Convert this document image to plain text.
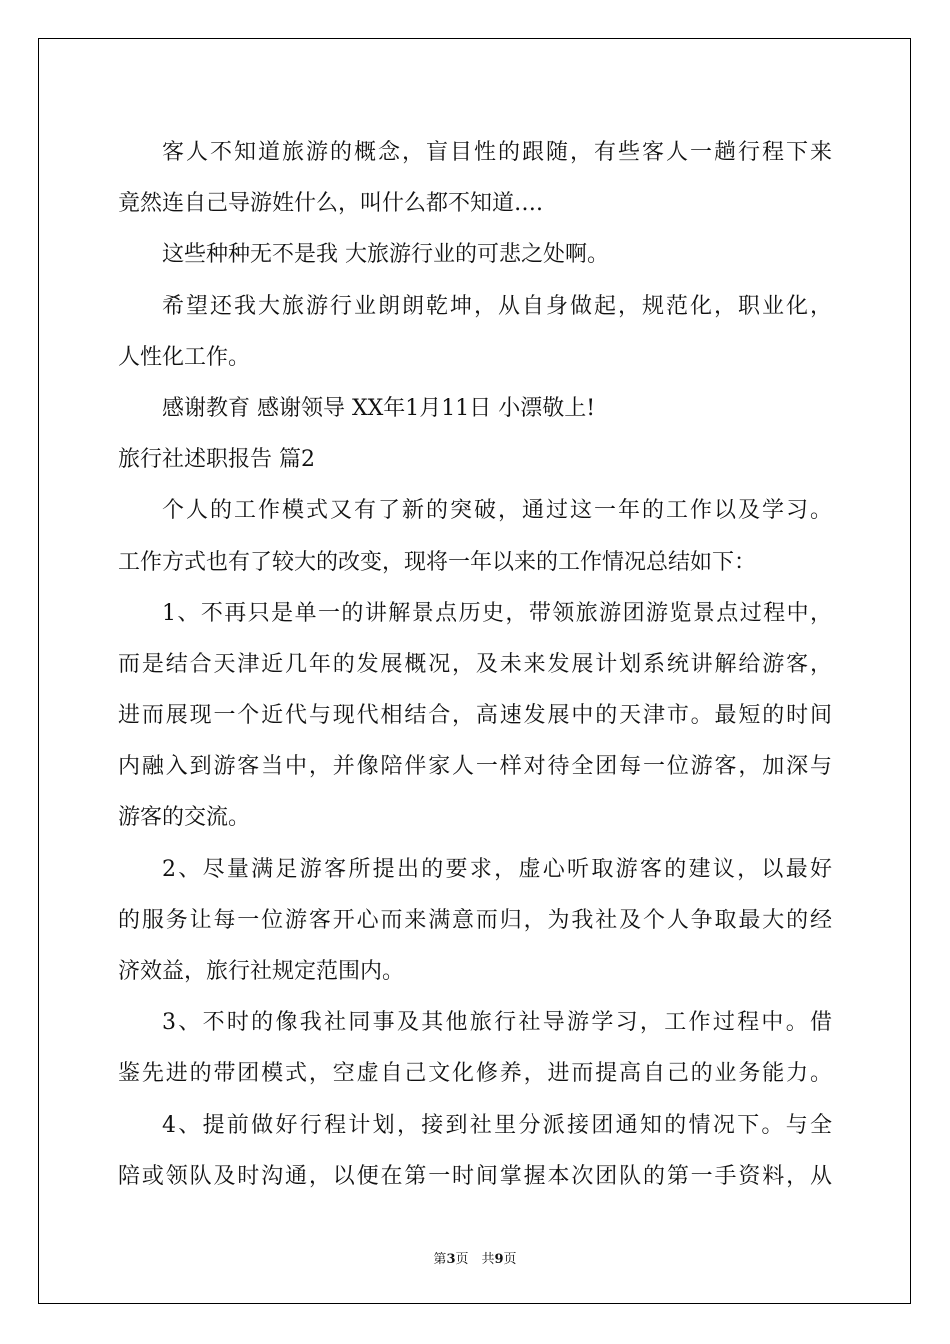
客人不知道旅游的概念，盲目性的跟随，有些客人一趟行程下来
竟然连自己导游姓什么，叫什么都不知道….
这些种种无不是我 大旅游行业的可悲之处啊。
希望还我大旅游行业朗朗乾坤，从自身做起，规范化，职业化，
人性化工作。
感谢教育 感谢领导 XX年1月11日 小漂敬上!
旅行社述职报告 篇2
个人的工作模式又有了新的突破，通过这一年的工作以及学习。
工作方式也有了较大的改变，现将一年以来的工作情况总结如下：
1、不再只是单一的讲解景点历史，带领旅游团游览景点过程中，
而是结合天津近几年的发展概况，及未来发展计划系统讲解给游客，
进而展现一个近代与现代相结合，高速发展中的天津市。最短的时间
内融入到游客当中，并像陪伴家人一样对待全团每一位游客，加深与
游客的交流。
2、尽量满足游客所提出的要求，虚心听取游客的建议，以最好
的服务让每一位游客开心而来满意而归，为我社及个人争取最大的经
济效益，旅行社规定范围内。
3、不时的像我社同事及其他旅行社导游学习，工作过程中。借
鉴先进的带团模式，空虚自己文化修养，进而提高自己的业务能力。
4、提前做好行程计划，接到社里分派接团通知的情况下。与全
陪或领队及时沟通，以便在第一时间掌握本次团队的第一手资料，从
第3页　共9页
